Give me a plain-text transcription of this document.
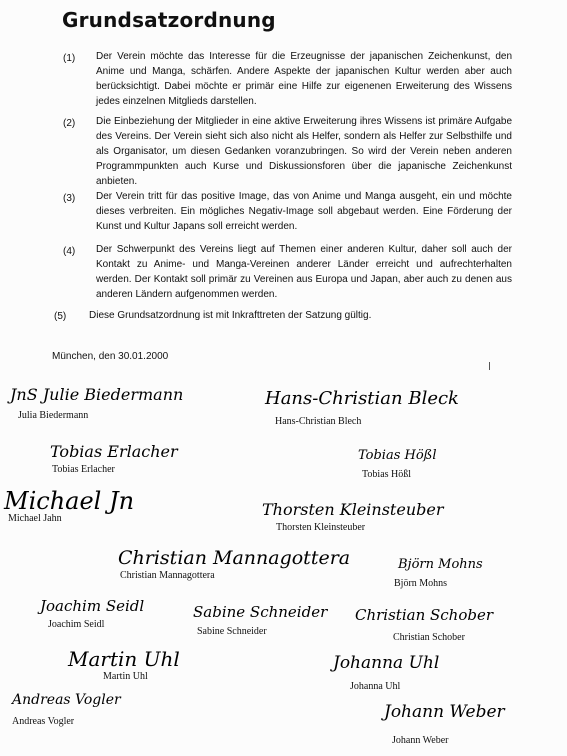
Grundsatzordnung
(1) Der Verein möchte das Interesse für die Erzeugnisse der japanischen Zeichenkunst, den Anime und Manga, schärfen. Andere Aspekte der japanischen Kultur werden aber auch berücksichtigt. Dabei möchte er primär eine Hilfe zur eigenenen Erweiterung des Wissens jedes einzelnen Mitglieds darstellen.
(2) Die Einbeziehung der Mitglieder in eine aktive Erweiterung ihres Wissens ist primäre Aufgabe des Vereins. Der Verein sieht sich also nicht als Helfer, sondern als Helfer zur Selbsthilfe und als Organisator, um diesen Gedanken voranzubringen. So wird der Verein neben anderen Programmpunkten auch Kurse und Diskussionsforen über die japanische Zeichenkunst anbieten.
(3) Der Verein tritt für das positive Image, das von Anime und Manga ausgeht, ein und möchte dieses verbreiten. Ein mögliches Negativ-Image soll abgebaut werden. Eine Förderung der Kunst und Kultur Japans soll erreicht werden.
(4) Der Schwerpunkt des Vereins liegt auf Themen einer anderen Kultur, daher soll auch der Kontakt zu Anime- und Manga-Vereinen anderer Länder erreicht und aufrechterhalten werden. Der Kontakt soll primär zu Vereinen aus Europa und Japan, aber auch zu denen aus anderen Ländern aufgenommen werden.
(5) Diese Grundsatzordnung ist mit Inkrafttreten der Satzung gültig.
München, den 30.01.2000
JnS Julie Biedermann
Julia Biedermann
Hans-Christian Bleck
Hans-Christian Blech
Tobias Erlacher
Tobias Erlacher
Tobias Hößl
Tobias Hößl
Michael Jn
Michael Jahn	Thorsten Kleinsteuber
Thorsten Kleinsteuber
Christian Mannagottera
Christian Mannagottera
Björn Mohns
Björn Mohns
Joachim Seidl
Joachim Seidl
Sabine Schneider
Sabine Schneider
Christian Schober
Christian Schober
Martin Uhl
Martin Uhl
Johanna Uhl
Johanna Uhl
Andreas Vogler
Andreas Vogler	Johann Weber
Johann Weber
